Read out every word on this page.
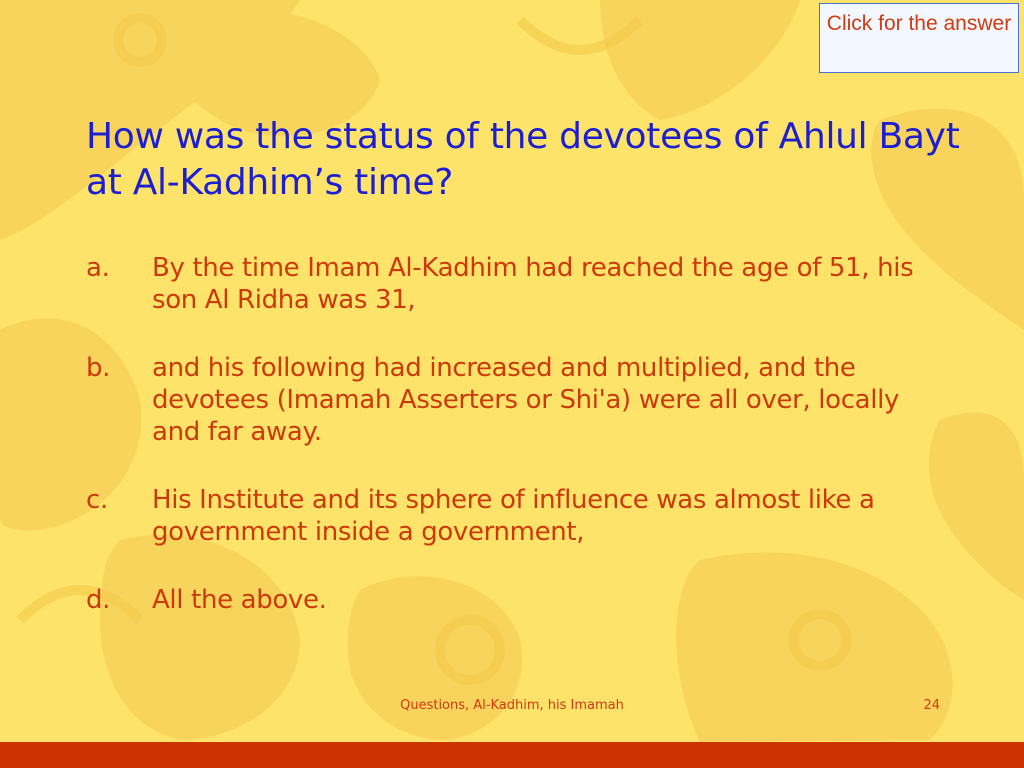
Click for the answer
How was the status of the devotees of Ahlul Bayt at Al-Kadhim’s time?
a.	By the time Imam Al-Kadhim had reached the age of 51, his son Al Ridha was 31,
b.	and his following had increased and multiplied, and the devotees (Imamah Asserters or Shi'a) were all over, locally and far away.
c.	His Institute and its sphere of influence was almost like a government inside a government,
d.	All the above.
Questions, Al-Kadhim, his Imamah	24
